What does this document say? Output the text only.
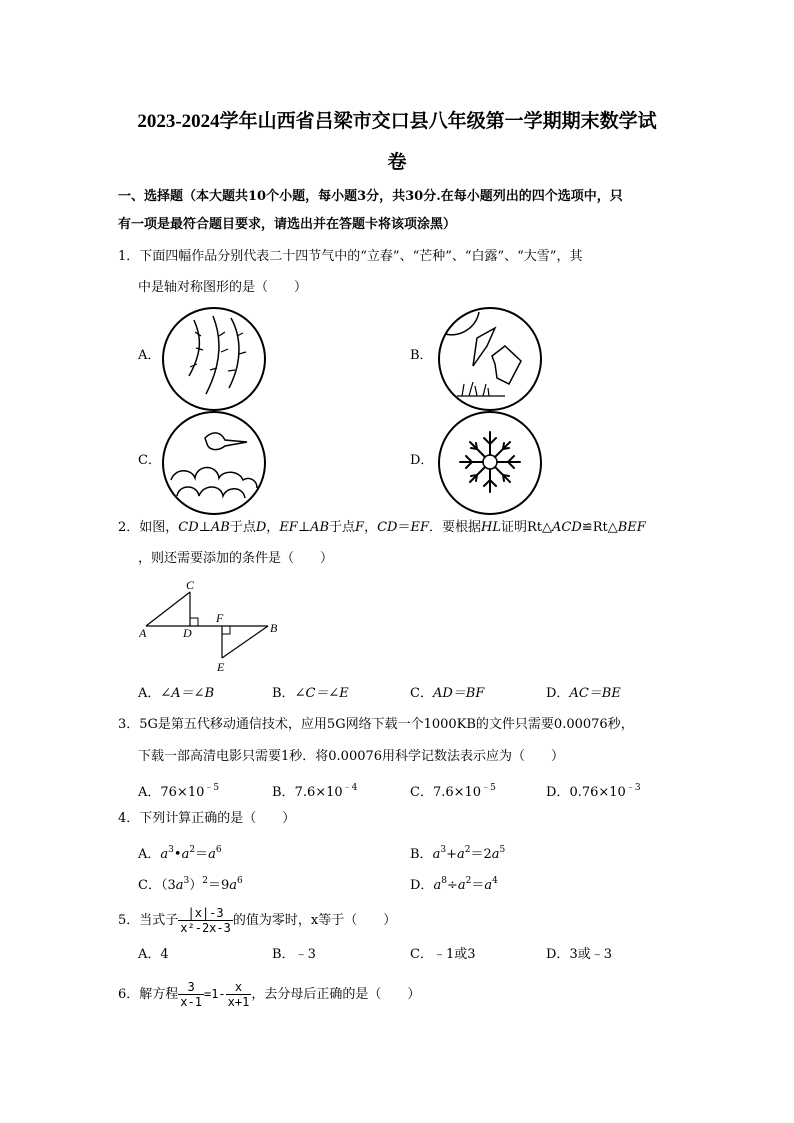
2023-2024学年山西省吕梁市交口县八年级第一学期期末数学试
卷
一、选择题（本大题共10个小题，每小题3分，共30分.在每小题列出的四个选项中，只
有一项是最符合题目要求，请选出并在答题卡将该项涂黑）
1．下面四幅作品分别代表二十四节气中的“立春”、“芒种”、“白露”、“大雪”，其
中是轴对称图形的是（　　）
A．	B．
C．	D．
2．如图，CD⊥AB于点D，EF⊥AB于点F，CD＝EF．要根据HL证明Rt△ACD≌Rt△BEF
，则还需要添加的条件是（　　）
C
A	D
F
B
E
A．∠A＝∠B	B．∠C＝∠E	C．AD＝BF	D．AC＝BE
3．5G是第五代移动通信技术，应用5G网络下载一个1000KB的文件只需要0.00076秒，
下载一部高清电影只需要1秒．将0.00076用科学记数法表示应为（　　）
A．$76\times 10^{﹣5}$	B．$7.6\times 10^{﹣4}$	C．$7.6\times 10^{﹣5}$	D．$0.76\times 10^{﹣3}$
4．下列计算正确的是（　　）
A．$a^3•a^2=a^6$	B．$a^3+a^2=2a^5$
C．$(3a^3)^2=9a^6$	D．$a^8\div a^2=a^4$
5．当式子 $\frac{|x|-3}{\text{x²-2x-3}}$ 的值为零时，x等于（　　）
A．4	B．﹣3	C．﹣1或3	D．3或﹣3
6．解方程 $\frac{3}{x-1} =1- \frac{x}{x+1}$ ，去分母后正确的是（　　）
